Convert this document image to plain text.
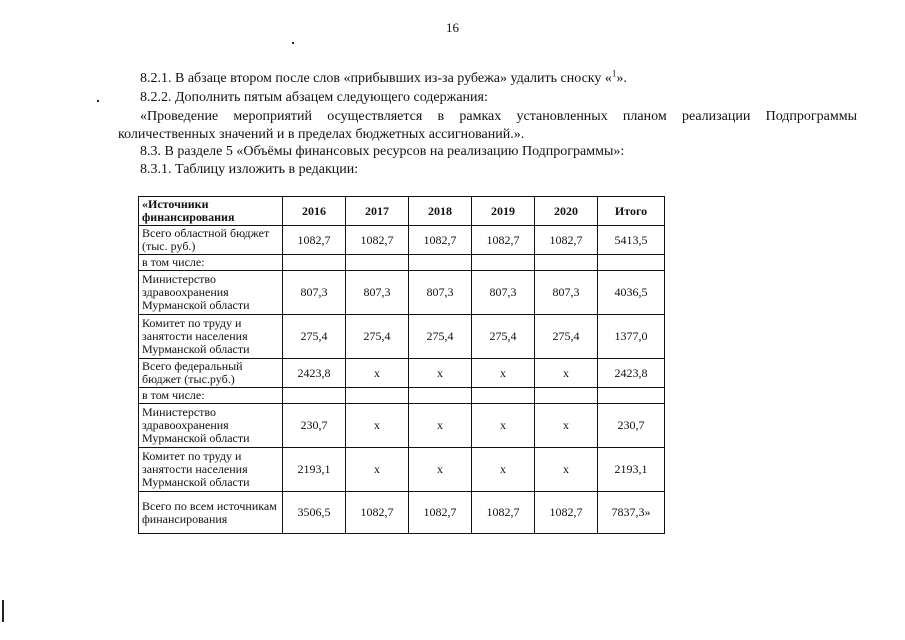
16
8.2.1. В абзаце втором после слов «прибывших из-за рубежа» удалить сноску «$^1$».
8.2.2. Дополнить пятым абзацем следующего содержания:
«Проведение мероприятий осуществляется в рамках установленных планом реализации Подпрограммы
количественных значений и в пределах бюджетных ассигнований.».
8.3. В разделе 5 «Объёмы финансовых ресурсов на реализацию Подпрограммы»:
8.3.1. Таблицу изложить в редакции:
«Источники финансирования	2016	2017	2018	2019	2020	Итого
Всего областной бюджет (тыс. руб.)	1082,7	1082,7	1082,7	1082,7	1082,7	5413,5
в том числе:						
Министерство здравоохранения Мурманской области	807,3	807,3	807,3	807,3	807,3	4036,5
Комитет по труду и занятости населения Мурманской области	275,4	275,4	275,4	275,4	275,4	1377,0
Всего федеральный бюджет (тыс.руб.)	2423,8	х	х	х	х	2423,8
в том числе:						
Министерство здравоохранения Мурманской области	230,7	х	х	х	х	230,7
Комитет по труду и занятости населения Мурманской области	2193,1	х	х	х	х	2193,1
Всего по всем источникам финансирования	3506,5	1082,7	1082,7	1082,7	1082,7	7837,3»
